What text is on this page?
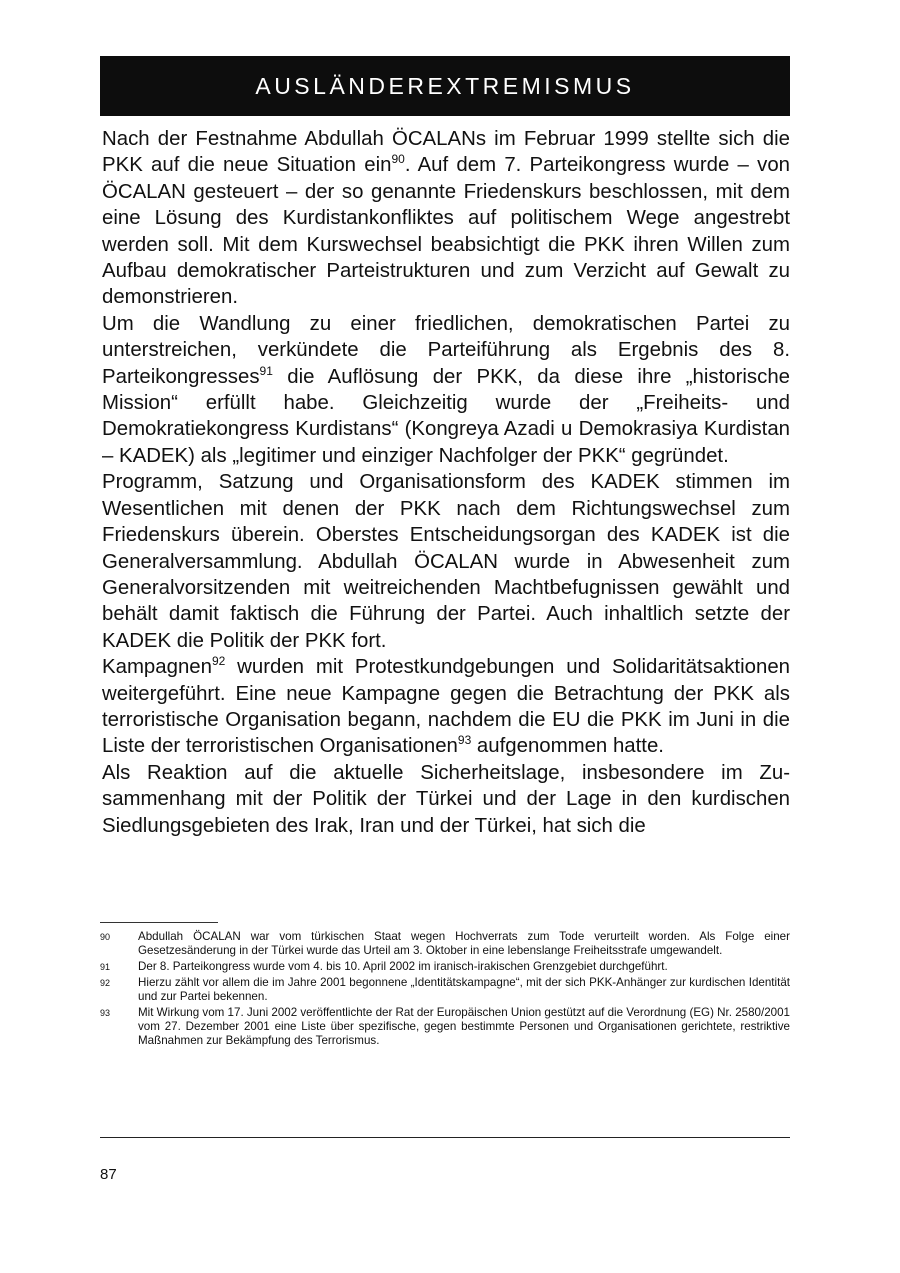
AUSLÄNDEREXTREMISMUS

Nach der Festnahme Abdullah ÖCALANs im Februar 1999 stellte sich die PKK auf die neue Situation ein$^{90}$. Auf dem 7. Parteikongress wurde – von ÖCALAN gesteuert – der so genannte Friedenskurs beschlossen, mit dem eine Lösung des Kurdistankonfliktes auf politischem Wege angestrebt werden soll. Mit dem Kurswechsel beabsichtigt die PKK ihren Willen zum Aufbau demokratischer Parteistrukturen und zum Verzicht auf Gewalt zu demonstrieren.

Um die Wandlung zu einer friedlichen, demokratischen Partei zu unterstreichen, verkündete die Parteiführung als Ergebnis des 8. Parteikongresses$^{91}$ die Auflösung der PKK, da diese ihre „historische Mission“ erfüllt habe. Gleichzeitig wurde der „Freiheits- und Demokratiekongress Kurdistans“ (Kongreya Azadi u Demokrasiya Kurdistan – KADEK) als „legitimer und einziger Nachfolger der PKK“ gegründet.

Programm, Satzung und Organisationsform des KADEK stimmen im Wesentlichen mit denen der PKK nach dem Richtungswechsel zum Friedenskurs überein. Oberstes Entscheidungsorgan des KADEK ist die Generalversammlung. Abdullah ÖCALAN wurde in Abwesenheit zum Generalvorsitzenden mit weitreichenden Machtbefugnissen gewählt und behält damit faktisch die Führung der Partei. Auch inhaltlich setzte der KADEK die Politik der PKK fort.

Kampagnen$^{92}$ wurden mit Protestkundgebungen und Solidaritätsaktionen weitergeführt. Eine neue Kampagne gegen die Betrachtung der PKK als terroristische Organisation begann, nachdem die EU die PKK im Juni in die Liste der terroristischen Organisationen$^{93}$ aufgenommen hatte.

Als Reaktion auf die aktuelle Sicherheitslage, insbesondere im Zusammenhang mit der Politik der Türkei und der Lage in den kurdischen Siedlungsgebieten des Irak, Iran und der Türkei, hat sich die

90	Abdullah ÖCALAN war vom türkischen Staat wegen Hochverrats zum Tode verurteilt worden. Als Folge einer Gesetzesänderung in der Türkei wurde das Urteil am 3. Oktober in eine lebenslange Freiheitsstrafe umgewandelt.
91	Der 8. Parteikongress wurde vom 4. bis 10. April 2002 im iranisch-irakischen Grenzgebiet durchgeführt.
92	Hierzu zählt vor allem die im Jahre 2001 begonnene „Identitätskampagne“, mit der sich PKK-Anhänger zur kurdischen Identität und zur Partei bekennen.
93	Mit Wirkung vom 17. Juni 2002 veröffentlichte der Rat der Europäischen Union gestützt auf die Verordnung (EG) Nr. 2580/2001 vom 27. Dezember 2001 eine Liste über spezifische, gegen bestimmte Personen und Organisationen gerichtete, restriktive Maßnahmen zur Bekämpfung des Terrorismus.
87
